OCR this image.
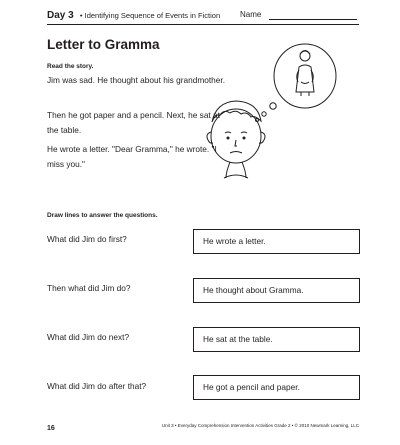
Day 3 • Identifying Sequence of Events in Fiction Name
Letter to Gramma
Read the story.
Jim was sad. He thought about his grandmother.
Then he got paper and a pencil. Next, he sat at the table.
He wrote a letter. "Dear Gramma," he wrote. "I miss you."
Draw lines to answer the questions.
What did Jim do first?
Then what did Jim do?
What did Jim do next?
What did Jim do after that?
He wrote a letter.
He thought about Gramma.
He sat at the table.
He got a pencil and paper.
16	Unit 3 • Everyday Comprehension Intervention Activities Grade 2 • © 2010 Newmark Learning, LLC
